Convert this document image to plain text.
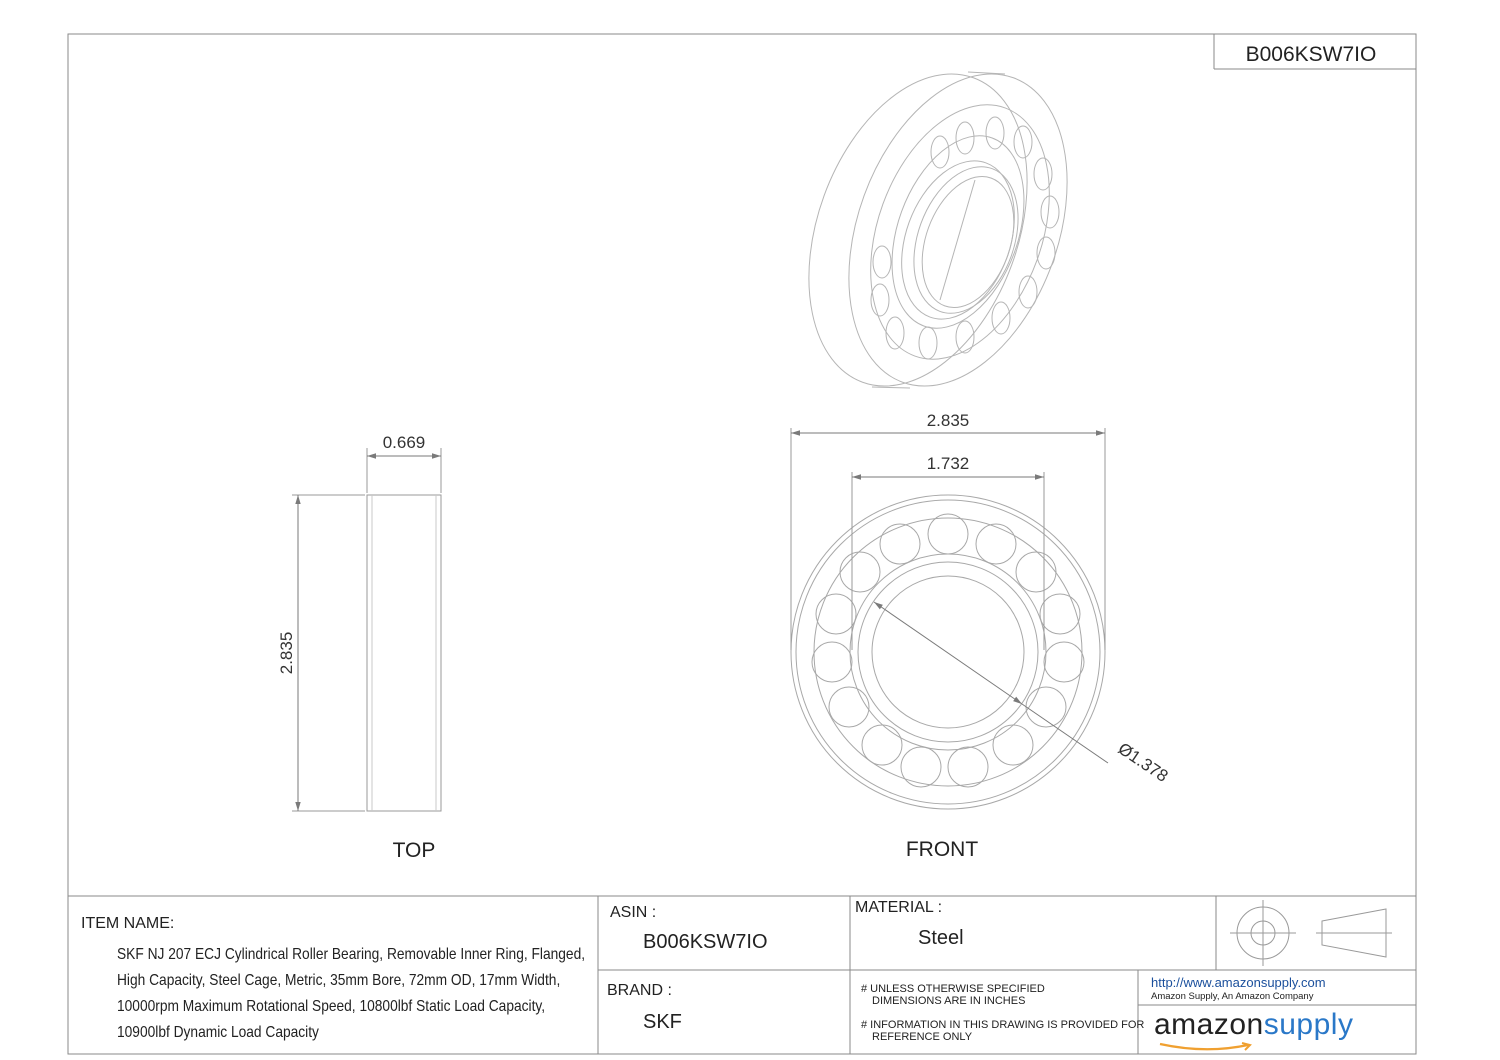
B006KSW7IO
0.669
2.835
TOP
2.835
1.732
Ø1.378
FRONT
ITEM NAME:
SKF NJ 207 ECJ Cylindrical Roller Bearing, Removable Inner Ring, Flanged,
High Capacity, Steel Cage, Metric, 35mm Bore, 72mm OD, 17mm Width,
10000rpm Maximum Rotational Speed, 10800lbf Static Load Capacity,
10900lbf Dynamic Load Capacity
ASIN :
B006KSW7IO
BRAND :
SKF
MATERIAL :
Steel
# UNLESS OTHERWISE SPECIFIED
DIMENSIONS ARE IN INCHES
# INFORMATION IN THIS DRAWING IS PROVIDED FOR
REFERENCE ONLY
http://www.amazonsupply.com
Amazon Supply, An Amazon Company
amazonsupply
